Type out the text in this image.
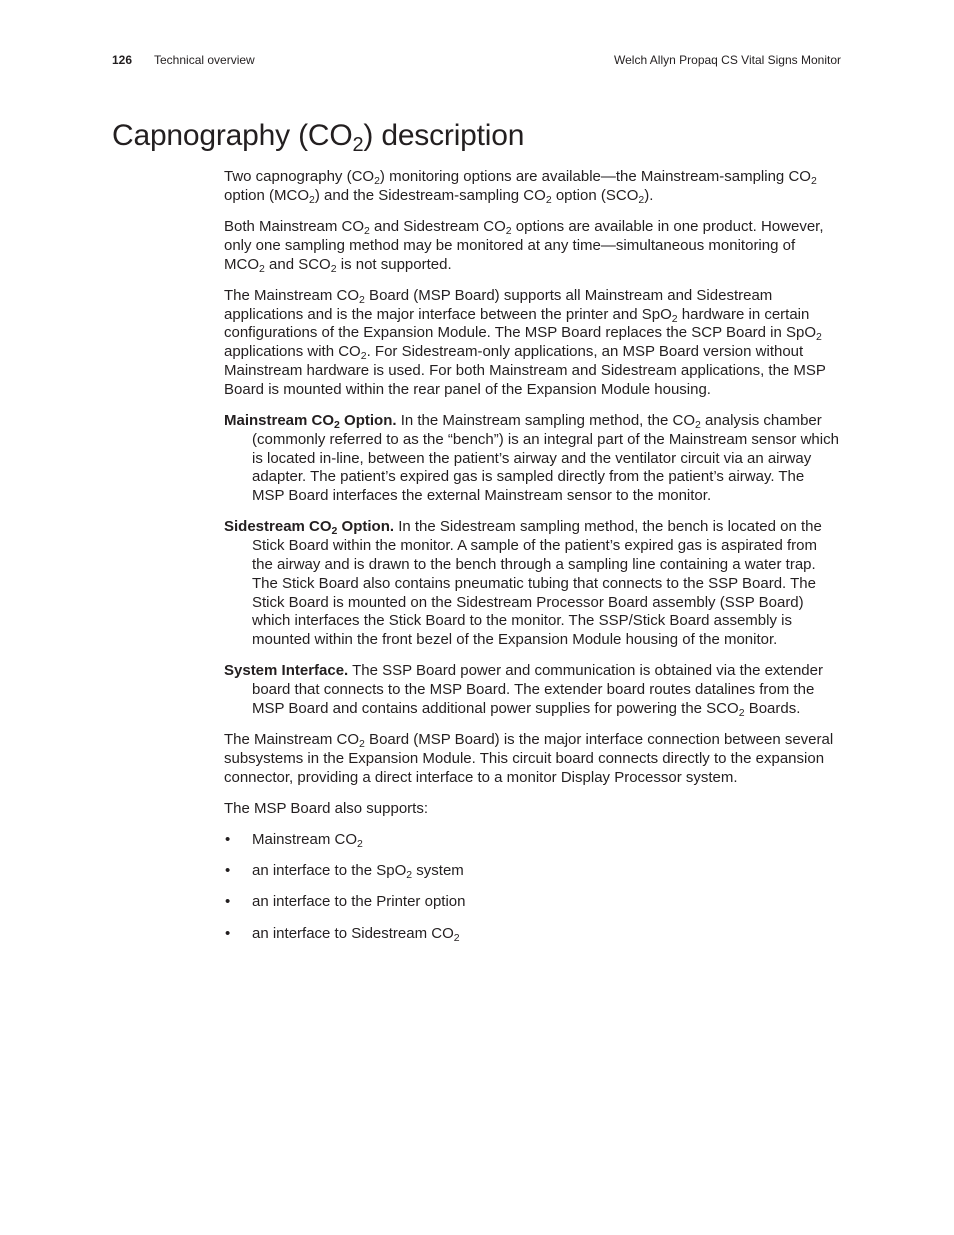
126 Technical overview	Welch Allyn Propaq CS Vital Signs Monitor
Capnography $(CO_2)$ description

Two capnography $(CO_2)$ monitoring options are available—the Mainstream-sampling $CO_2$ option $(MCO_2)$ and the Sidestream-sampling $CO_2$ option $(SCO_2)$.

Both Mainstream $CO_2$ and Sidestream $CO_2$ options are available in one product. However, only one sampling method may be monitored at any time—simultaneous monitoring of $MCO_2$ and $SCO_2$ is not supported.

The Mainstream $CO_2$ Board (MSP Board) supports all Mainstream and Sidestream applications and is the major interface between the printer and SpO$_2$ hardware in certain configurations of the Expansion Module. The MSP Board replaces the SCP Board in SpO$_2$ applications with $CO_2$. For Sidestream-only applications, an MSP Board version without Mainstream hardware is used. For both Mainstream and Sidestream applications, the MSP Board is mounted within the rear panel of the Expansion Module housing.

Mainstream $CO_2$ Option. In the Mainstream sampling method, the $CO_2$ analysis chamber (commonly referred to as the “bench”) is an integral part of the Mainstream sensor which is located in-line, between the patient’s airway and the ventilator circuit via an airway adapter. The patient’s expired gas is sampled directly from the patient’s airway. The MSP Board interfaces the external Mainstream sensor to the monitor.

Sidestream $CO_2$ Option. In the Sidestream sampling method, the bench is located on the Stick Board within the monitor. A sample of the patient’s expired gas is aspirated from the airway and is drawn to the bench through a sampling line containing a water trap. The Stick Board also contains pneumatic tubing that connects to the SSP Board. The Stick Board is mounted on the Sidestream Processor Board assembly (SSP Board) which interfaces the Stick Board to the monitor. The SSP/Stick Board assembly is mounted within the front bezel of the Expansion Module housing of the monitor.

System Interface. The SSP Board power and communication is obtained via the extender board that connects to the MSP Board. The extender board routes datalines from the MSP Board and contains additional power supplies for powering the $SCO_2$ Boards.

The Mainstream $CO_2$ Board (MSP Board) is the major interface connection between several subsystems in the Expansion Module. This circuit board connects directly to the expansion connector, providing a direct interface to a monitor Display Processor system.

The MSP Board also supports:

• Mainstream $CO_2$
• an interface to the SpO$_2$ system
• an interface to the Printer option
• an interface to Sidestream $CO_2$
